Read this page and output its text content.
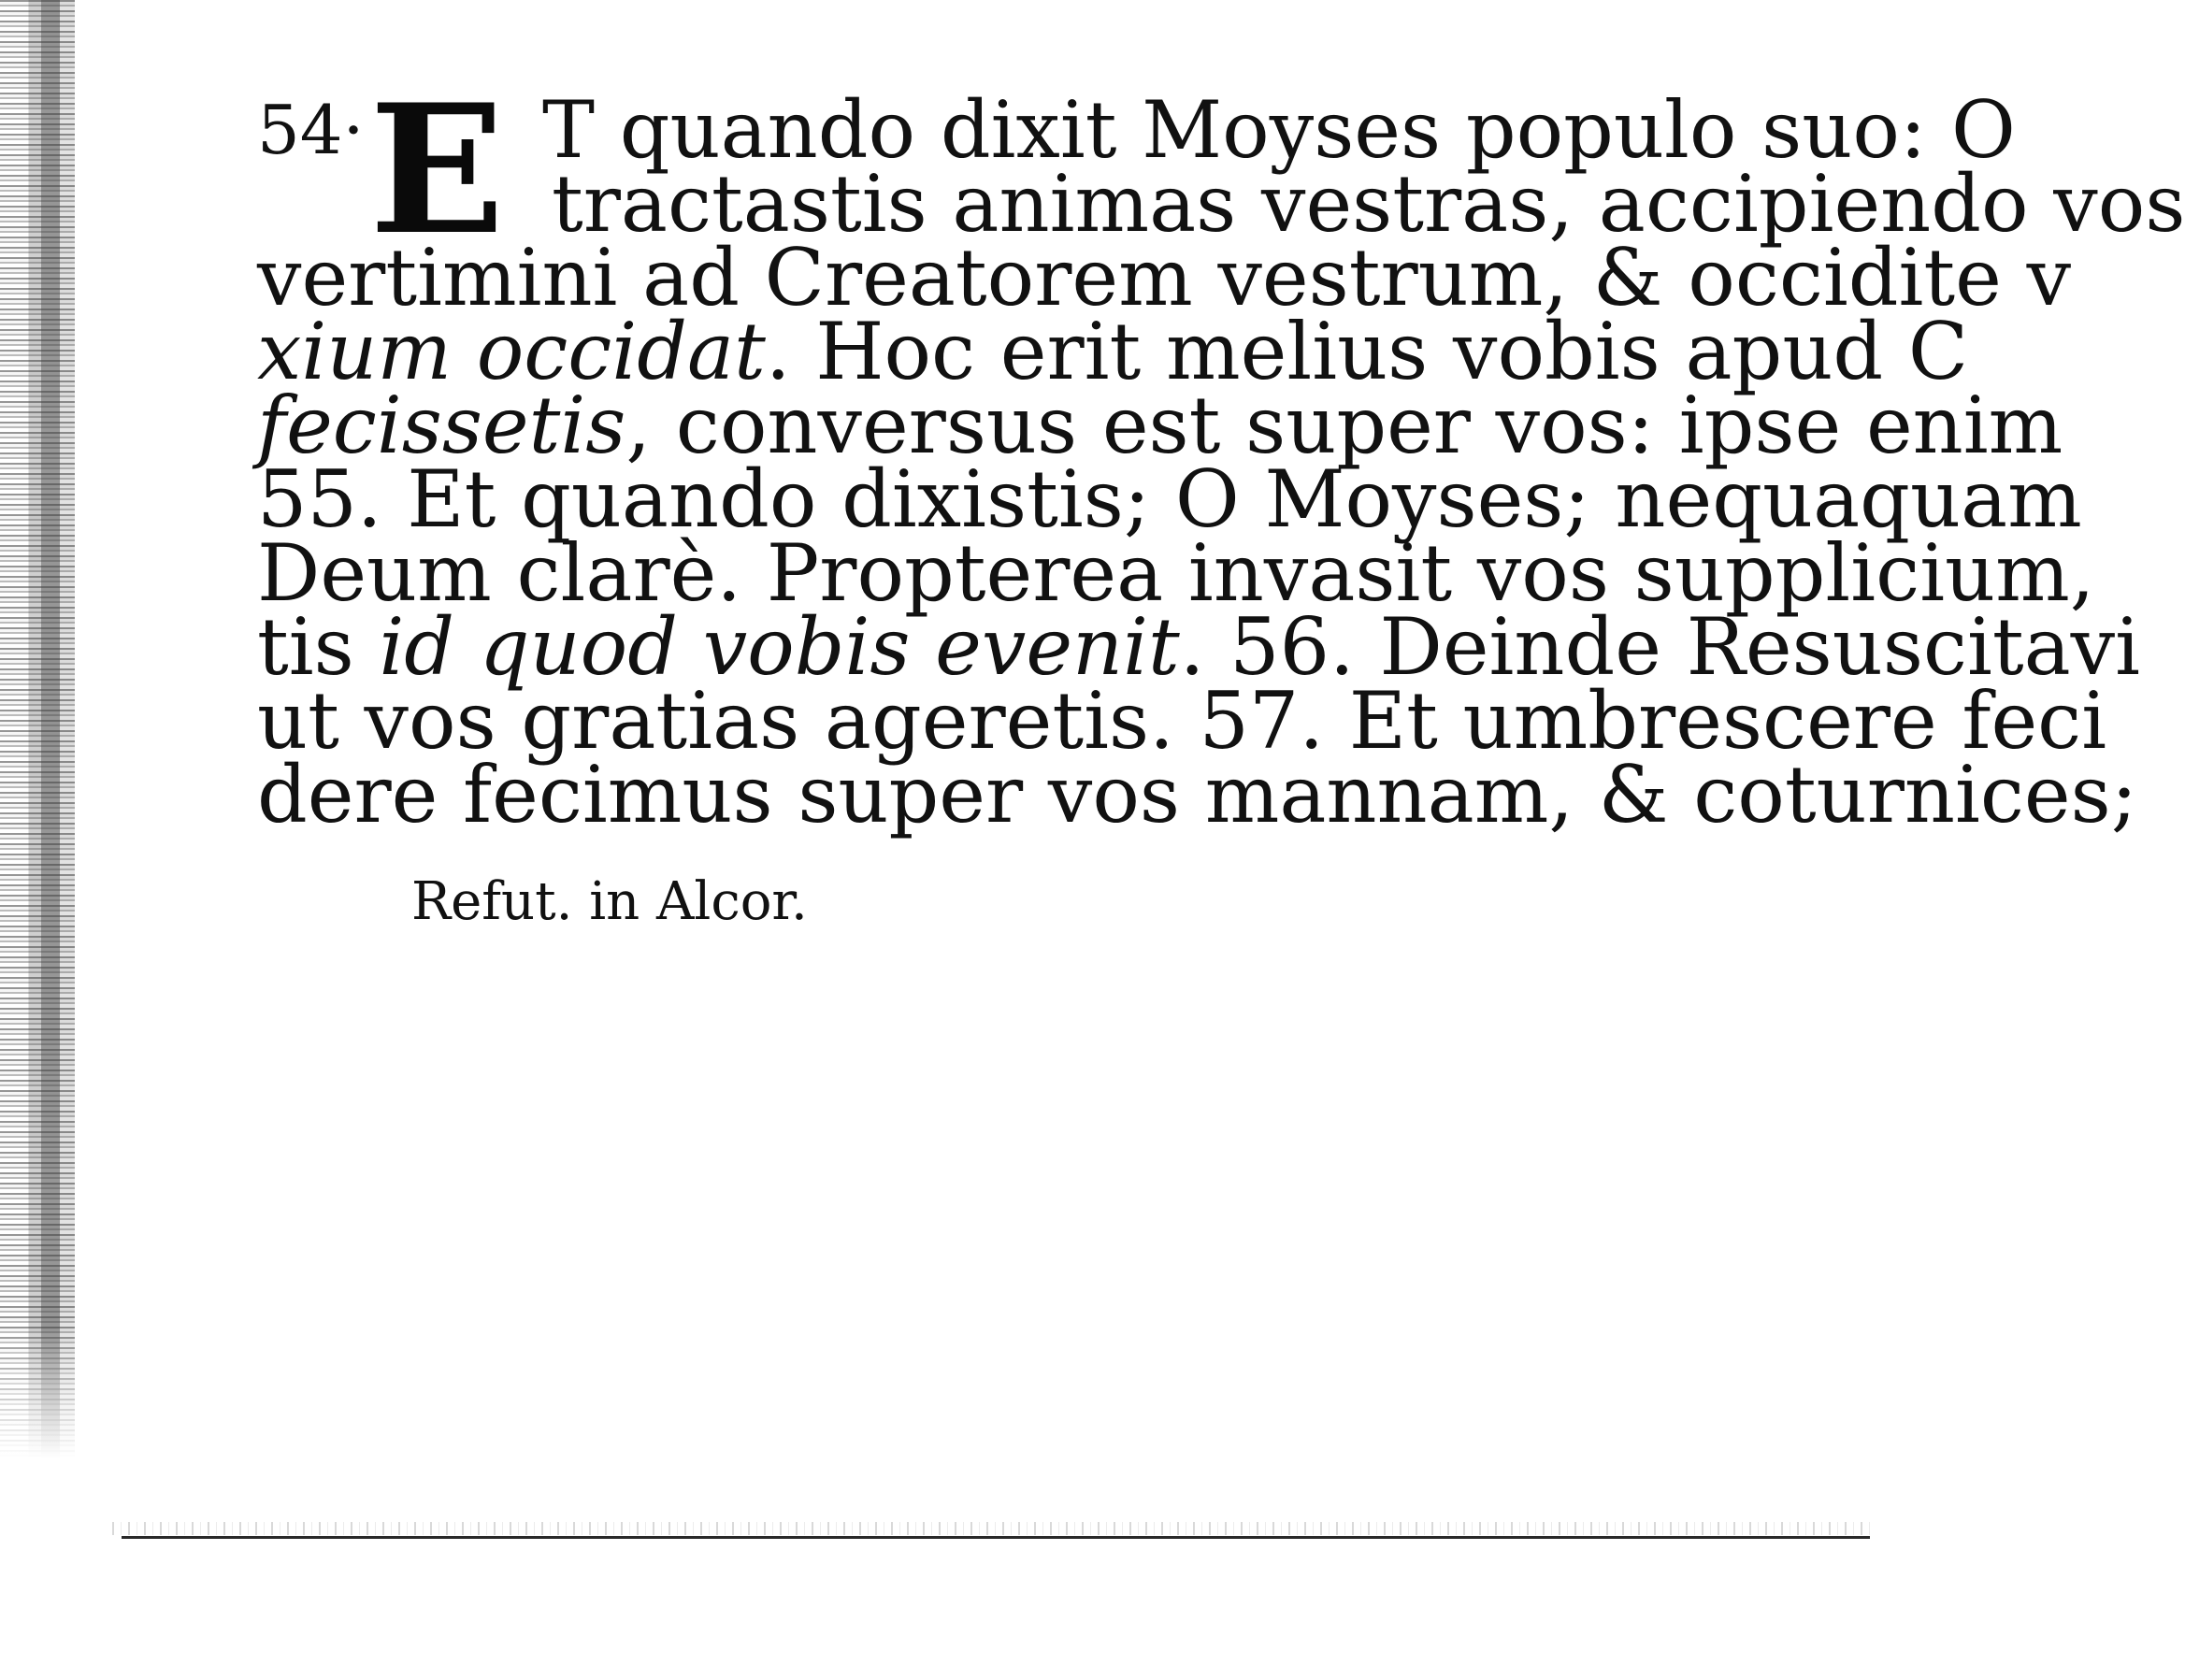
54· E T quando dixit Moyses populo suo: O
tractastis animas vestras, accipiendo vos
vertimini ad Creatorem vestrum, & occidite v
xium occidat. Hoc erit melius vobis apud C
fecissetis, conversus est super vos: ipse enim
55. Et quando dixistis; O Moyses; nequaquam
Deum clarè. Propterea invasit vos supplicium,
tis id quod vobis evenit. 56. Deinde Resuscitavi
ut vos gratias ageretis. 57. Et umbrescere feci
dere fecimus super vos mannam, & coturnices;
Refut. in Alcor.
